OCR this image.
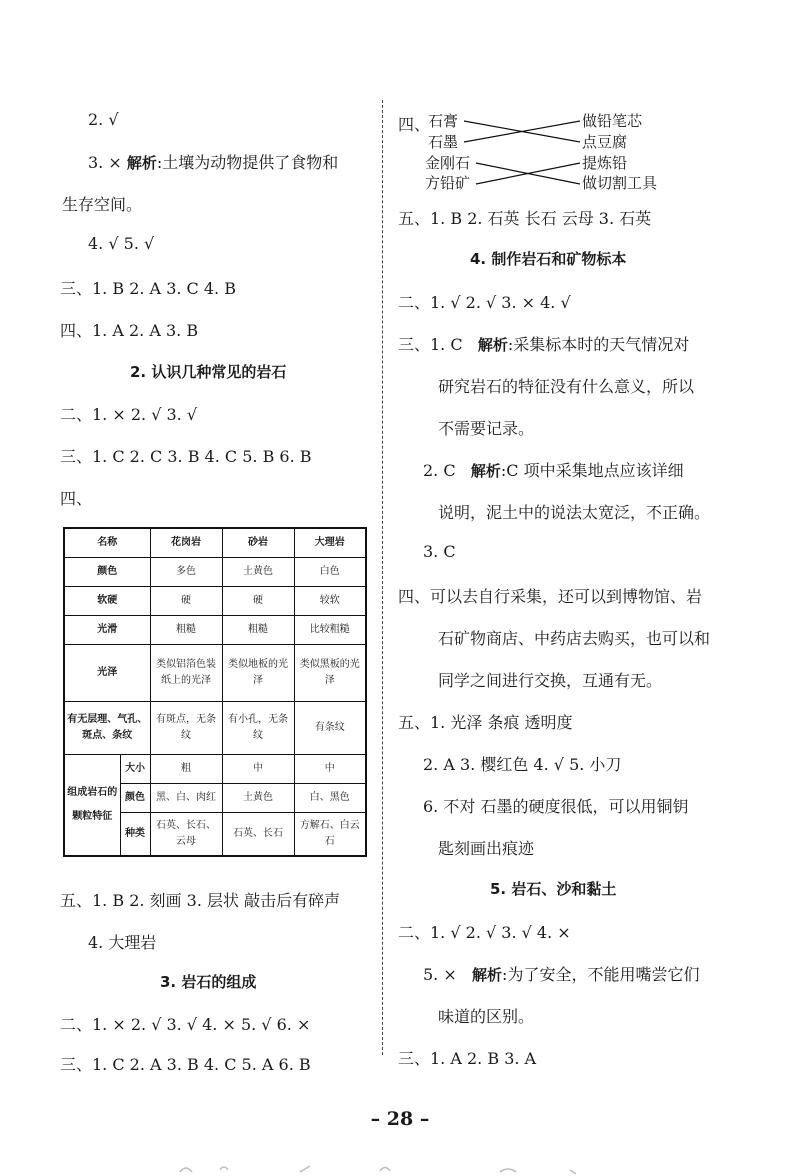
2. √
3. × 解析:土壤为动物提供了食物和
生存空间。
4. √ 5. √
三、1. B 2. A 3. C 4. B
四、1. A 2. A 3. B
2. 认识几种常见的岩石
二、1. × 2. √ 3. √
三、1. C 2. C 3. B 4. C 5. B 6. B
四、
名称		花岗岩	砂岩	大理岩
颜色		多色	土黄色	白色
软硬		硬	硬	较软
光滑		粗糙	粗糙	比较粗糙
光泽		类似铝箔色装纸上的光泽	类似地板的光泽	类似黑板的光泽
有无层理、气孔、斑点、条纹		有斑点，无条纹	有小孔，无条纹	有条纹
组成岩石的颗粒特征	大小	粗	中	中
	颜色	黑、白、肉红	土黄色	白、黑色
	种类	石英、长石、云母	石英、长石	方解石、白云石
五、1. B 2. 刻画 3. 层状 敲击后有碎声
4. 大理岩
3. 岩石的组成
二、1. × 2. √ 3. √ 4. × 5. √ 6. ×
三、1. C 2. A 3. B 4. C 5. A 6. B
四、
石膏
石墨
金刚石
方铅矿
做铅笔芯
点豆腐
提炼铅
做切割工具
五、1. B 2. 石英 长石 云母 3. 石英
4. 制作岩石和矿物标本
二、1. √ 2. √ 3. × 4. √
三、1. C 解析:采集标本时的天气情况对
研究岩石的特征没有什么意义，所以
不需要记录。
2. C 解析:C 项中采集地点应该详细
说明，泥土中的说法太宽泛，不正确。
3. C
四、可以去自行采集，还可以到博物馆、岩
石矿物商店、中药店去购买，也可以和
同学之间进行交换，互通有无。
五、1. 光泽 条痕 透明度
2. A 3. 樱红色 4. √ 5. 小刀
6. 不对 石墨的硬度很低，可以用铜钥
匙刻画出痕迹
5. 岩石、沙和黏土
二、1. √ 2. √ 3. √ 4. ×
5. × 解析:为了安全，不能用嘴尝它们
味道的区别。
三、1. A 2. B 3. A
– 28 –
